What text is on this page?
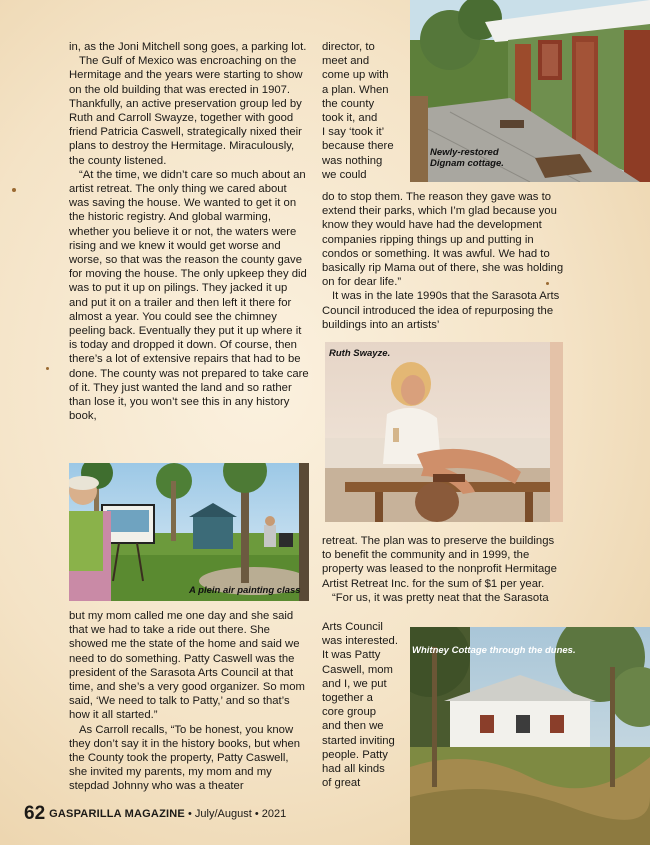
in, as the Joni Mitchell song goes, a parking lot.

The Gulf of Mexico was encroaching on the Hermitage and the years were starting to show on the old building that was erected in 1907. Thankfully, an active preservation group led by Ruth and Carroll Swayze, together with good friend Patricia Caswell, strategically nixed their plans to destroy the Hermitage. Miraculously, the county listened.

“At the time, we didn’t care so much about an artist retreat. The only thing we cared about was saving the house. We wanted to get it on the historic registry. And global warming, whether you believe it or not, the waters were rising and we knew it would get worse and worse, so that was the reason the county gave for moving the house. The only upkeep they did was to put it up on pilings. They jacked it up and put it on a trailer and then left it there for almost a year. You could see the chimney peeling back. Eventually they put it up where it is today and dropped it down. Of course, then there’s a lot of extensive repairs that had to be done. The county was not prepared to take care of it. They just wanted the land and so rather than lose it, you won’t see this in any history book,

A plein air painting class

but my mom called me one day and she said that we had to take a ride out there. She showed me the state of the home and said we need to do something. Patty Caswell was the president of the Sarasota Arts Council at that time, and she’s a very good organizer. So mom said, ‘We need to talk to Patty,’ and so that’s how it all started.”

As Carroll recalls, “To be honest, you know they don’t say it in the history books, but when the County took the property, Patty Caswell, she invited my parents, my mom and my stepdad Johnny who was a theater

Newly-restored Dignam cottage.

director, to

meet and

come up with

a plan. When

the county

took it, and

I say ‘took it’

because there

was nothing

we could

do to stop them. The reason they gave was to extend their parks, which I’m glad because you know they would have had the development companies ripping things up and putting in condos or something. It was awful. We had to basically rip Mama out of there, she was holding on for dear life.”

It was in the late 1990s that the Sarasota Arts Council introduced the idea of repurposing the buildings into an artists’

Ruth Swayze.

retreat. The plan was to preserve the buildings to benefit the community and in 1999, the property was leased to the nonprofit Hermitage Artist Retreat Inc. for the sum of $1 per year.

“For us, it was pretty neat that the Sarasota

Arts Council

was interested.

It was Patty

Caswell, mom

and I, we put

together a

core group

and then we

started inviting

people. Patty

had all kinds

of great

Whitney Cottage through the dunes.
62 GASPARILLA MAGAZINE • July/August • 2021
